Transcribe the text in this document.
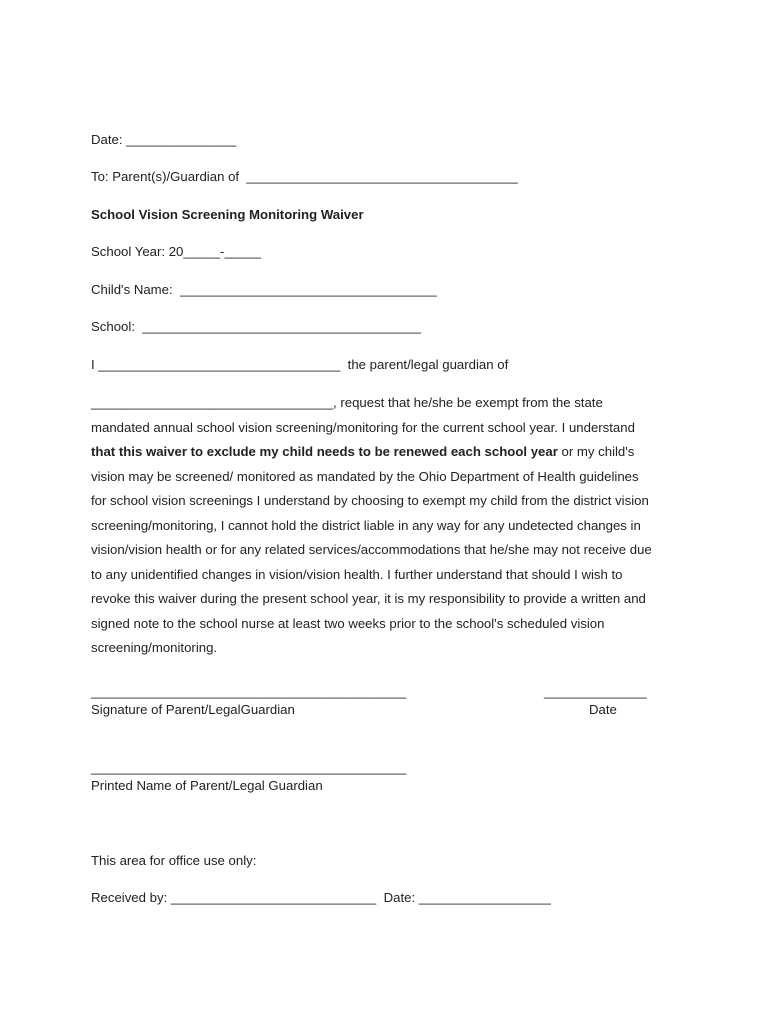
Date: _______________
To: Parent(s)/Guardian of  _____________________________________
School Vision Screening Monitoring Waiver
School Year: 20_____-_____
Child's Name:  ___________________________________
School:  ______________________________________
I _________________________________  the parent/legal guardian of
_________________________________, request that he/she be exempt from the state
mandated annual school vision screening/monitoring for the current school year. I understand
that this waiver to exclude my child needs to be renewed each school year or my child's
vision may be screened/ monitored as mandated by the Ohio Department of Health guidelines
for school vision screenings I understand by choosing to exempt my child from the district vision
screening/monitoring, I cannot hold the district liable in any way for any undetected changes in
vision/vision health or for any related services/accommodations that he/she may not receive due
to any unidentified changes in vision/vision health. I further understand that should I wish to
revoke this waiver during the present school year, it is my responsibility to provide a written and
signed note to the school nurse at least two weeks prior to the school's scheduled vision
screening/monitoring.
___________________________________________	______________
Signature of Parent/LegalGuardian	Date
___________________________________________
Printed Name of Parent/Legal Guardian
This area for office use only:
Received by: ____________________________  Date: __________________
